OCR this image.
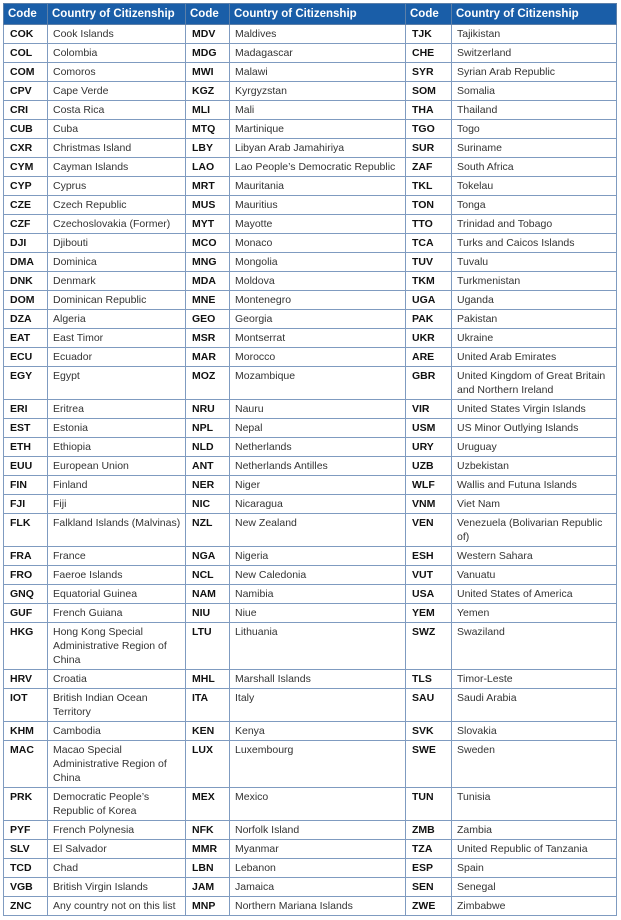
Code	Country of Citizenship	Code	Country of Citizenship	Code	Country of Citizenship
COK	Cook Islands	MDV	Maldives	TJK	Tajikistan
COL	Colombia	MDG	Madagascar	CHE	Switzerland
COM	Comoros	MWI	Malawi	SYR	Syrian Arab Republic
CPV	Cape Verde	KGZ	Kyrgyzstan	SOM	Somalia
CRI	Costa Rica	MLI	Mali	THA	Thailand
CUB	Cuba	MTQ	Martinique	TGO	Togo
CXR	Christmas Island	LBY	Libyan Arab Jamahiriya	SUR	Suriname
CYM	Cayman Islands	LAO	Lao People’s Democratic Republic	ZAF	South Africa
CYP	Cyprus	MRT	Mauritania	TKL	Tokelau
CZE	Czech Republic	MUS	Mauritius	TON	Tonga
CZF	Czechoslovakia (Former)	MYT	Mayotte	TTO	Trinidad and Tobago
DJI	Djibouti	MCO	Monaco	TCA	Turks and Caicos Islands
DMA	Dominica	MNG	Mongolia	TUV	Tuvalu
DNK	Denmark	MDA	Moldova	TKM	Turkmenistan
DOM	Dominican Republic	MNE	Montenegro	UGA	Uganda
DZA	Algeria	GEO	Georgia	PAK	Pakistan
EAT	East Timor	MSR	Montserrat	UKR	Ukraine
ECU	Ecuador	MAR	Morocco	ARE	United Arab Emirates
EGY	Egypt	MOZ	Mozambique	GBR	United Kingdom of Great Britain and Northern Ireland
ERI	Eritrea	NRU	Nauru	VIR	United States Virgin Islands
EST	Estonia	NPL	Nepal	USM	US Minor Outlying Islands
ETH	Ethiopia	NLD	Netherlands	URY	Uruguay
EUU	European Union	ANT	Netherlands Antilles	UZB	Uzbekistan
FIN	Finland	NER	Niger	WLF	Wallis and Futuna Islands
FJI	Fiji	NIC	Nicaragua	VNM	Viet Nam
FLK	Falkland Islands (Malvinas)	NZL	New Zealand	VEN	Venezuela (Bolivarian Republic of)
FRA	France	NGA	Nigeria	ESH	Western Sahara
FRO	Faeroe Islands	NCL	New Caledonia	VUT	Vanuatu
GNQ	Equatorial Guinea	NAM	Namibia	USA	United States of America
GUF	French Guiana	NIU	Niue	YEM	Yemen
HKG	Hong Kong Special Administrative Region of China	LTU	Lithuania	SWZ	Swaziland
HRV	Croatia	MHL	Marshall Islands	TLS	Timor-Leste
IOT	British Indian Ocean Territory	ITA	Italy	SAU	Saudi Arabia
KHM	Cambodia	KEN	Kenya	SVK	Slovakia
MAC	Macao Special Administrative Region of China	LUX	Luxembourg	SWE	Sweden
PRK	Democratic People’s Republic of Korea	MEX	Mexico	TUN	Tunisia
PYF	French Polynesia	NFK	Norfolk Island	ZMB	Zambia
SLV	El Salvador	MMR	Myanmar	TZA	United Republic of Tanzania
TCD	Chad	LBN	Lebanon	ESP	Spain
VGB	British Virgin Islands	JAM	Jamaica	SEN	Senegal
ZNC	Any country not on this list	MNP	Northern Mariana Islands	ZWE	Zimbabwe
